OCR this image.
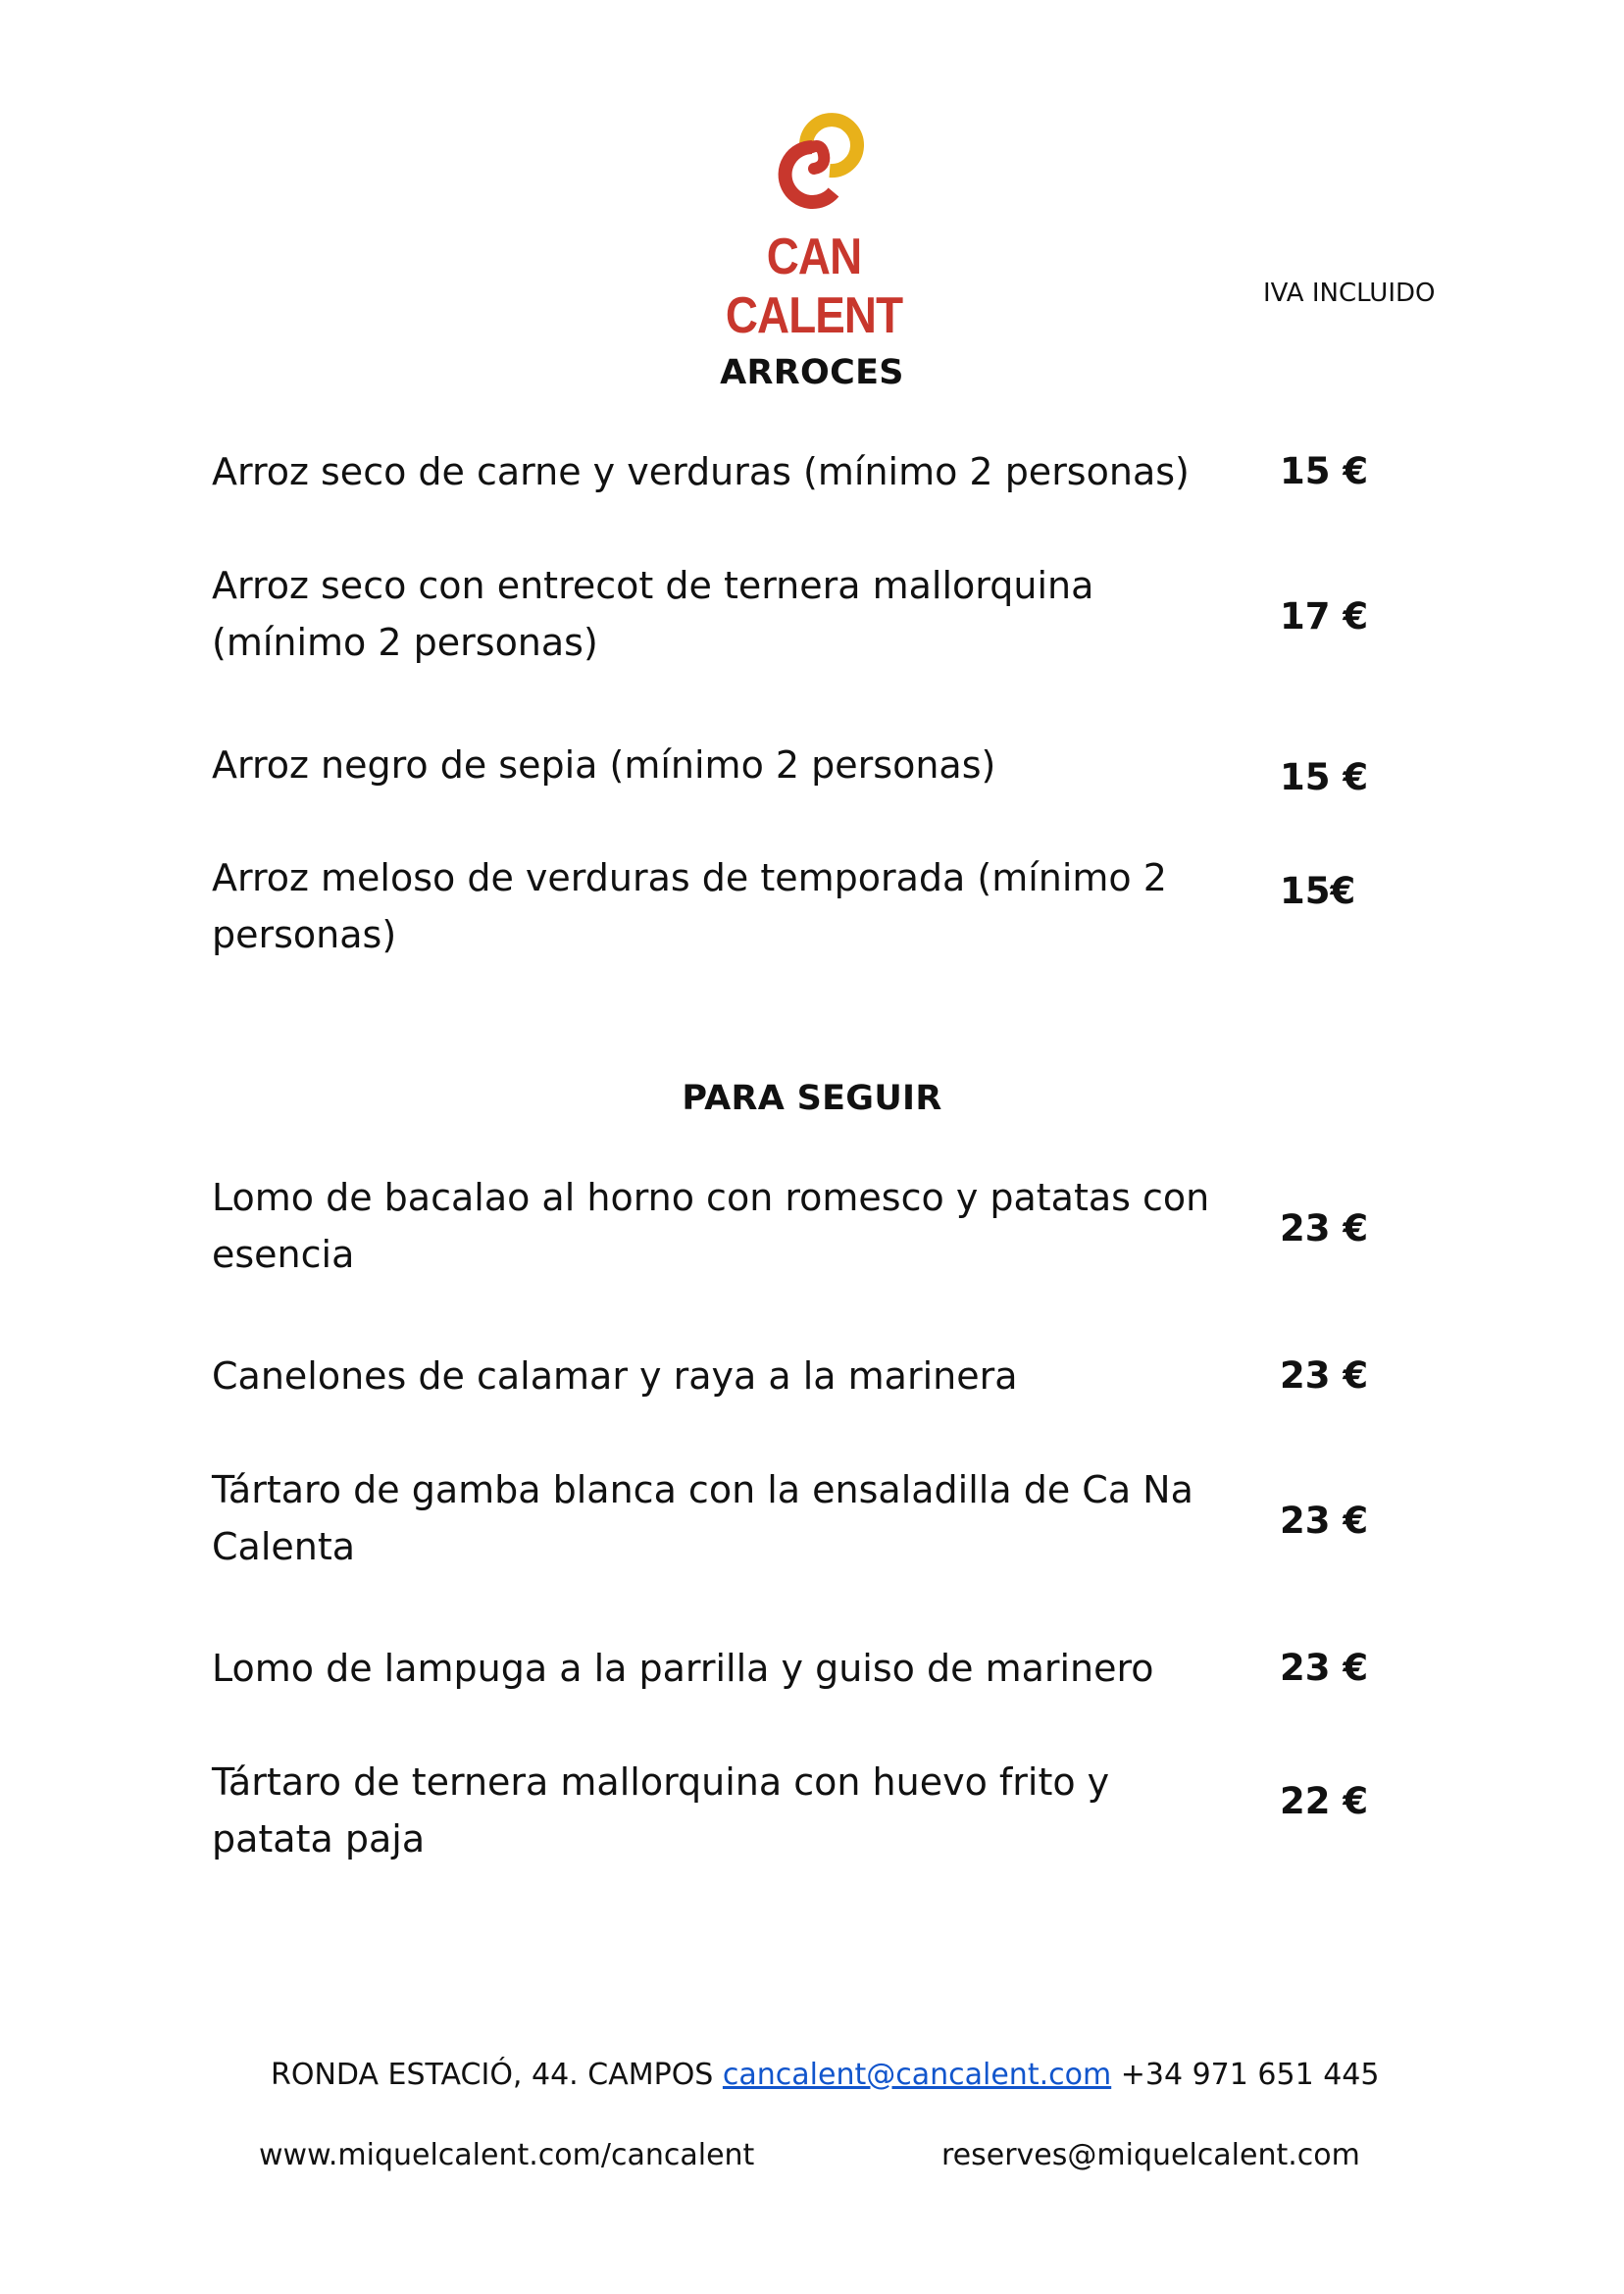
CAN CALENT	IVA INCLUIDO
ARROCES
Arroz seco de carne y verduras (mínimo 2 personas)	15 €
Arroz seco con entrecot de ternera mallorquina (mínimo 2 personas)
17 €
Arroz negro de sepia (mínimo 2 personas)	15 €
Arroz meloso de verduras de temporada (mínimo 2 personas)
15€
PARA SEGUIR
Lomo de bacalao al horno con romesco y patatas con esencia
23 €
Canelones de calamar y raya a la marinera	23 €
Tártaro de gamba blanca con la ensaladilla de Ca Na Calenta
23 €
Lomo de lampuga a la parrilla y guiso de marinero	23 €
Tártaro de ternera mallorquina con huevo frito y patata paja
22 €
RONDA ESTACIÓ, 44. CAMPOS cancalent@cancalent.com +34 971 651 445
www.miquelcalent.com/cancalent	reserves@miquelcalent.com
